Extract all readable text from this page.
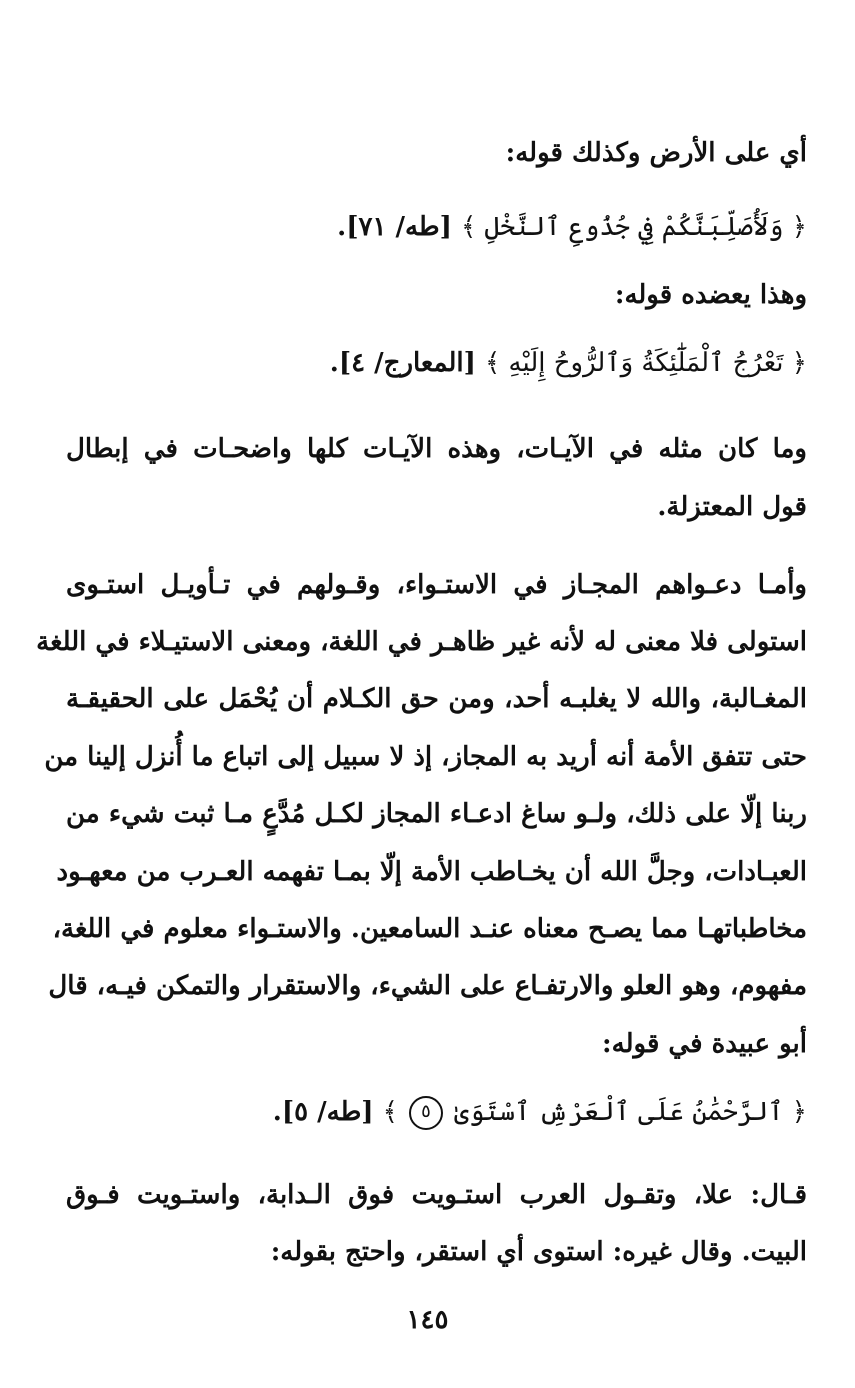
أي على الأرض وكذلك قوله:
﴿ وَلَأُصَلِّبَنَّكُمْ فِي جُذُوعِ ٱلنَّخْلِ ﴾ [طه/ ٧١].
وهذا يعضده قوله:
﴿ تَعْرُجُ ٱلْمَلَٰٓئِكَةُ وَٱلرُّوحُ إِلَيْهِ ﴾ [المعارج/ ٤].
وما كان مثله في الآيـات، وهذه الآيـات كلها واضحـات في إبطال
قول المعتزلة.
وأمـا دعـواهم المجـاز في الاستـواء، وقـولهم في تـأويـل استـوى
استولى فلا معنى له لأنه غير ظاهـر في اللغة، ومعنى الاستيـلاء في اللغة
المغـالبة، والله لا يغلبـه أحد، ومن حق الكـلام أن يُحْمَل على الحقيقـة
حتى تتفق الأمة أنه أريد به المجاز، إذ لا سبيل إلى اتباع ما أُنزل إلينا من
ربنا إلّا على ذلك، ولـو ساغ ادعـاء المجاز لكـل مُدَّعٍ مـا ثبت شيء من
العبـادات، وجلَّ الله أن يخـاطب الأمة إلّا بمـا تفهمه العـرب من معهـود
مخاطباتهـا مما يصـح معناه عنـد السامعين. والاستـواء معلوم في اللغة،
مفهوم، وهو العلو والارتفـاع على الشيء، والاستقرار والتمكن فيـه، قال
أبو عبيدة في قوله:
﴿ ٱلرَّحْمَٰنُ عَلَى ٱلْعَرْشِ ٱسْتَوَىٰ ٥ ﴾ [طه/ ٥].
قـال: علا، وتقـول العرب استـويت فوق الـدابة، واستـويت فـوق
البيت. وقال غيره: استوى أي استقر، واحتج بقوله:
١٤٥
